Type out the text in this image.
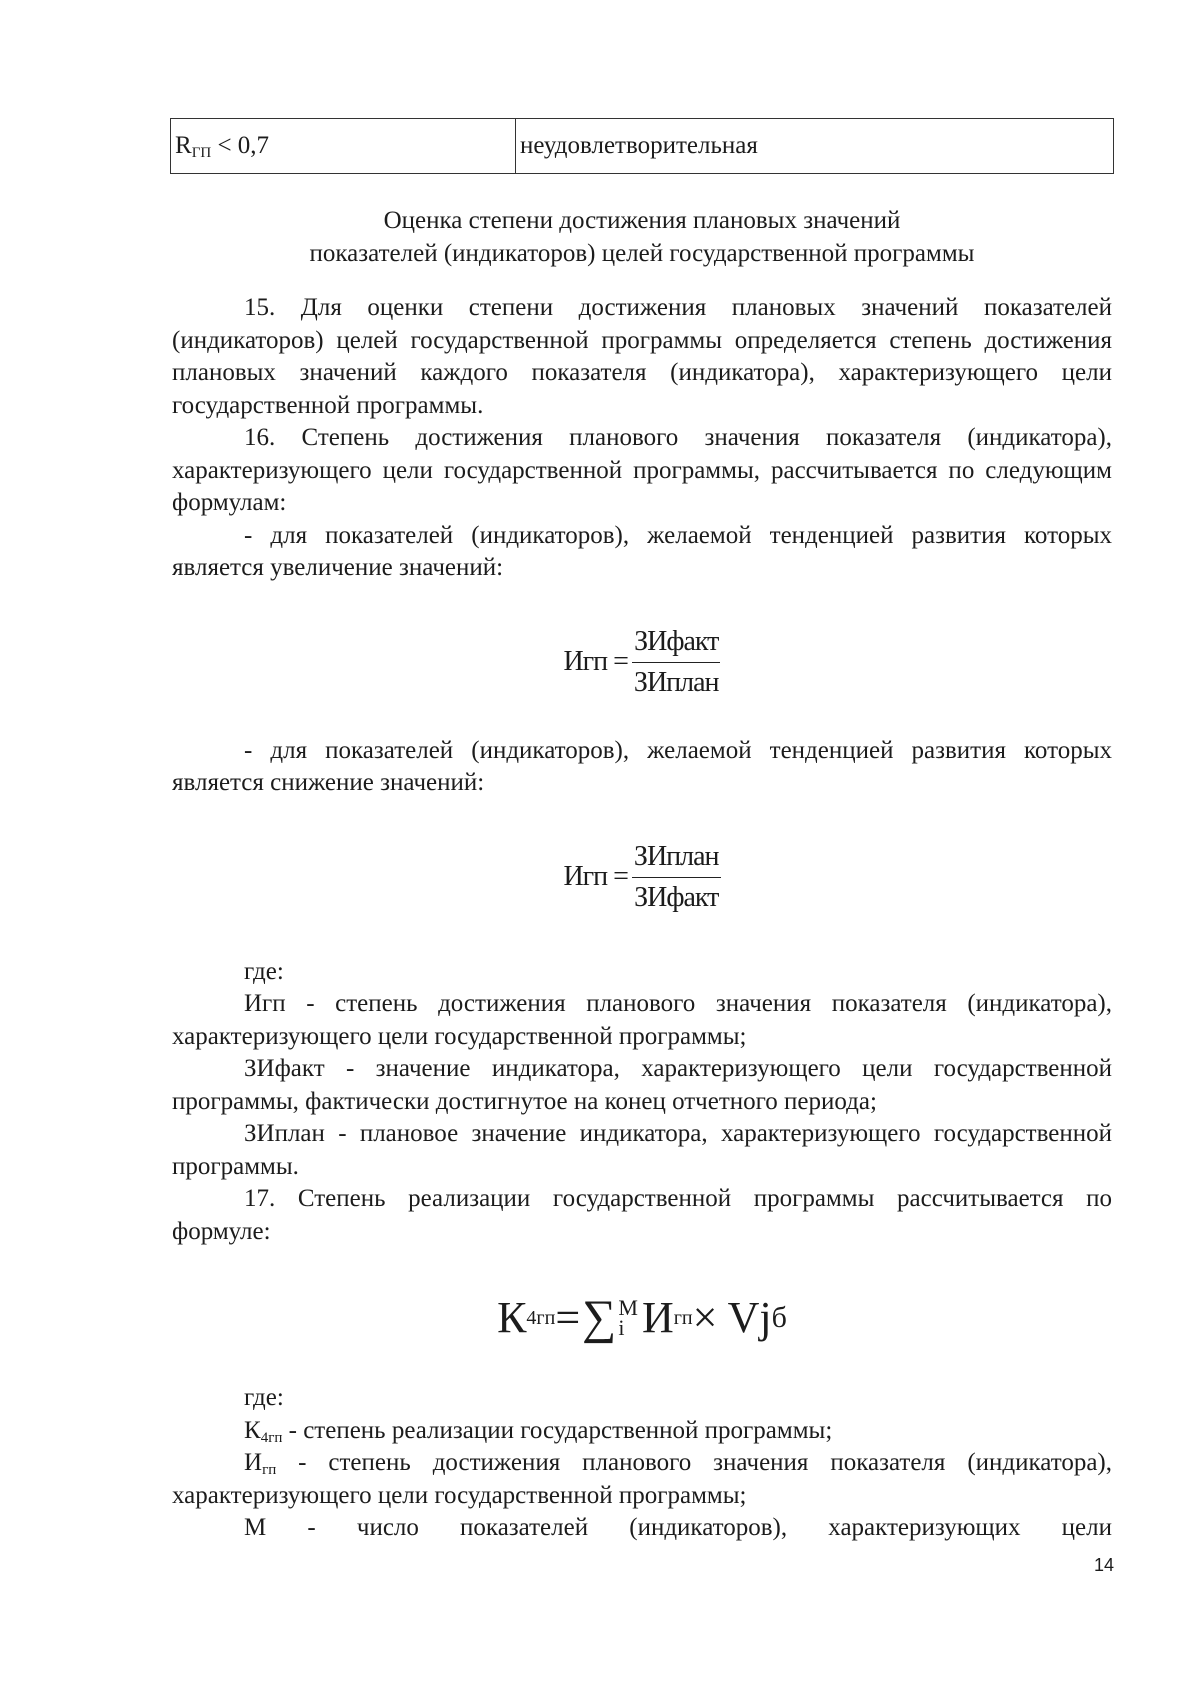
$R_{ГП} < 0,7$	неудовлетворительная
Оценка степени достижения плановых значений
показателей (индикаторов) целей государственной программы

15. Для оценки степени достижения плановых значений показателей (индикаторов) целей государственной программы определяется степень достижения плановых значений каждого показателя (индикатора), характеризующего цели государственной программы.

16. Степень достижения планового значения показателя (индикатора), характеризующего цели государственной программы, рассчитывается по следующим формулам:

- для показателей (индикаторов), желаемой тенденцией развития которых является увеличение значений:

Игп = $\frac{\text{ЗИфакт}}{\text{ЗИплан}}$

- для показателей (индикаторов), желаемой тенденцией развития которых является снижение значений:

Игп = $\frac{\text{ЗИплан}}{\text{ЗИфакт}}$

где:

Игп - степень достижения планового значения показателя (индикатора), характеризующего цели государственной программы;

ЗИфакт - значение индикатора, характеризующего цели государственной программы, фактически достигнутое на конец отчетного периода;

ЗИплан - плановое значение индикатора, характеризующего государственной программы.

17. Степень реализации государственной программы рассчитывается по формуле:

К 4гп = ∑ M
i И гп × Vj б

где:

$К_{4гп}$ - степень реализации государственной программы;

$И_{гп}$ - степень достижения планового значения показателя (индикатора), характеризующего цели государственной программы;

М - число показателей (индикаторов), характеризующих цели

14
